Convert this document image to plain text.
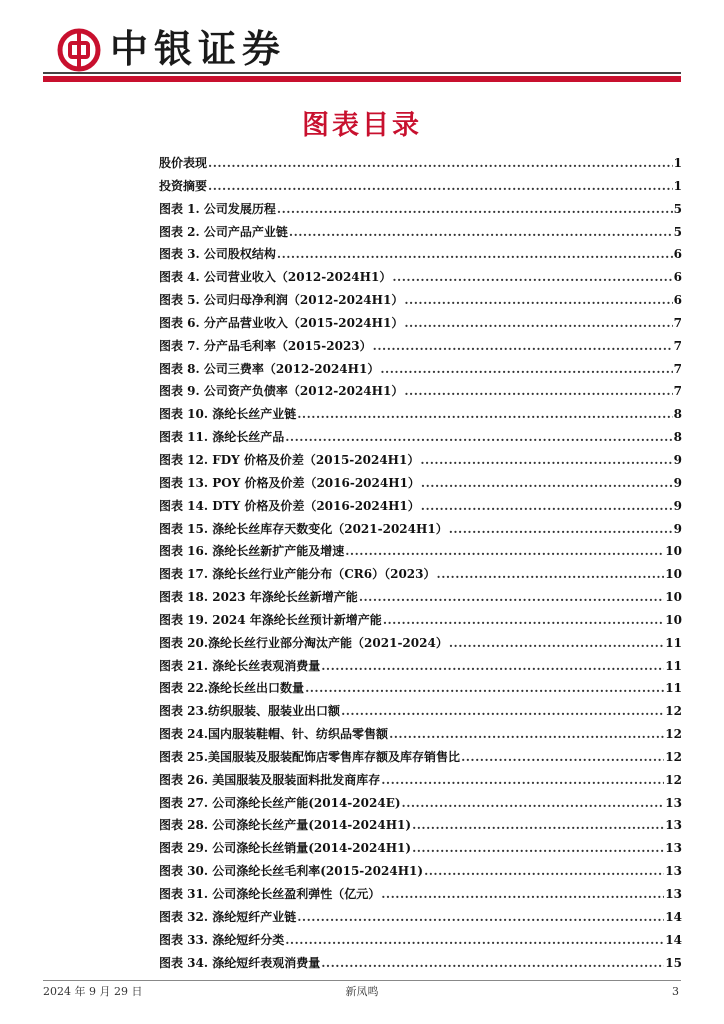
中银证券
图表目录
股价表现 .....	1
投资摘要 .....	1
图表 1. 公司发展历程 .....	5
图表 2. 公司产品产业链 .....	5
图表 3. 公司股权结构 .....	6
图表 4. 公司营业收入（2012-2024H1） .....	6
图表 5. 公司归母净利润（2012-2024H1） .....	6
图表 6. 分产品营业收入（2015-2024H1） .....	7
图表 7. 分产品毛利率（2015-2023） .....	7
图表 8. 公司三费率（2012-2024H1） .....	7
图表 9. 公司资产负债率（2012-2024H1） .....	7
图表 10. 涤纶长丝产业链 .....	8
图表 11. 涤纶长丝产品 .....	8
图表 12. FDY 价格及价差（2015-2024H1） .....	9
图表 13. POY 价格及价差（2016-2024H1） .....	9
图表 14. DTY 价格及价差（2016-2024H1） .....	9
图表 15. 涤纶长丝库存天数变化（2021-2024H1） .....	9
图表 16. 涤纶长丝新扩产能及增速 .....	10
图表 17. 涤纶长丝行业产能分布（CR6）（2023） .....	10
图表 18. 2023 年涤纶长丝新增产能 .....	10
图表 19. 2024 年涤纶长丝预计新增产能 .....	10
图表 20.涤纶长丝行业部分淘汰产能（2021-2024） .....	11
图表 21. 涤纶长丝表观消费量 .....	11
图表 22.涤纶长丝出口数量 .....	11
图表 23.纺织服装、服装业出口额 .....	12
图表 24.国内服装鞋帽、针、纺织品零售额 .....	12
图表 25.美国服装及服装配饰店零售库存额及库存销售比 .....	12
图表 26. 美国服装及服装面料批发商库存 .....	12
图表 27. 公司涤纶长丝产能(2014-2024E) .....	13
图表 28. 公司涤纶长丝产量(2014-2024H1) .....	13
图表 29. 公司涤纶长丝销量(2014-2024H1) .....	13
图表 30. 公司涤纶长丝毛利率(2015-2024H1) .....	13
图表 31. 公司涤纶长丝盈利弹性（亿元） .....	13
图表 32. 涤纶短纤产业链 .....	14
图表 33. 涤纶短纤分类 .....	14
图表 34. 涤纶短纤表观消费量 .....	15
2024 年 9 月 29 日	新凤鸣	3
